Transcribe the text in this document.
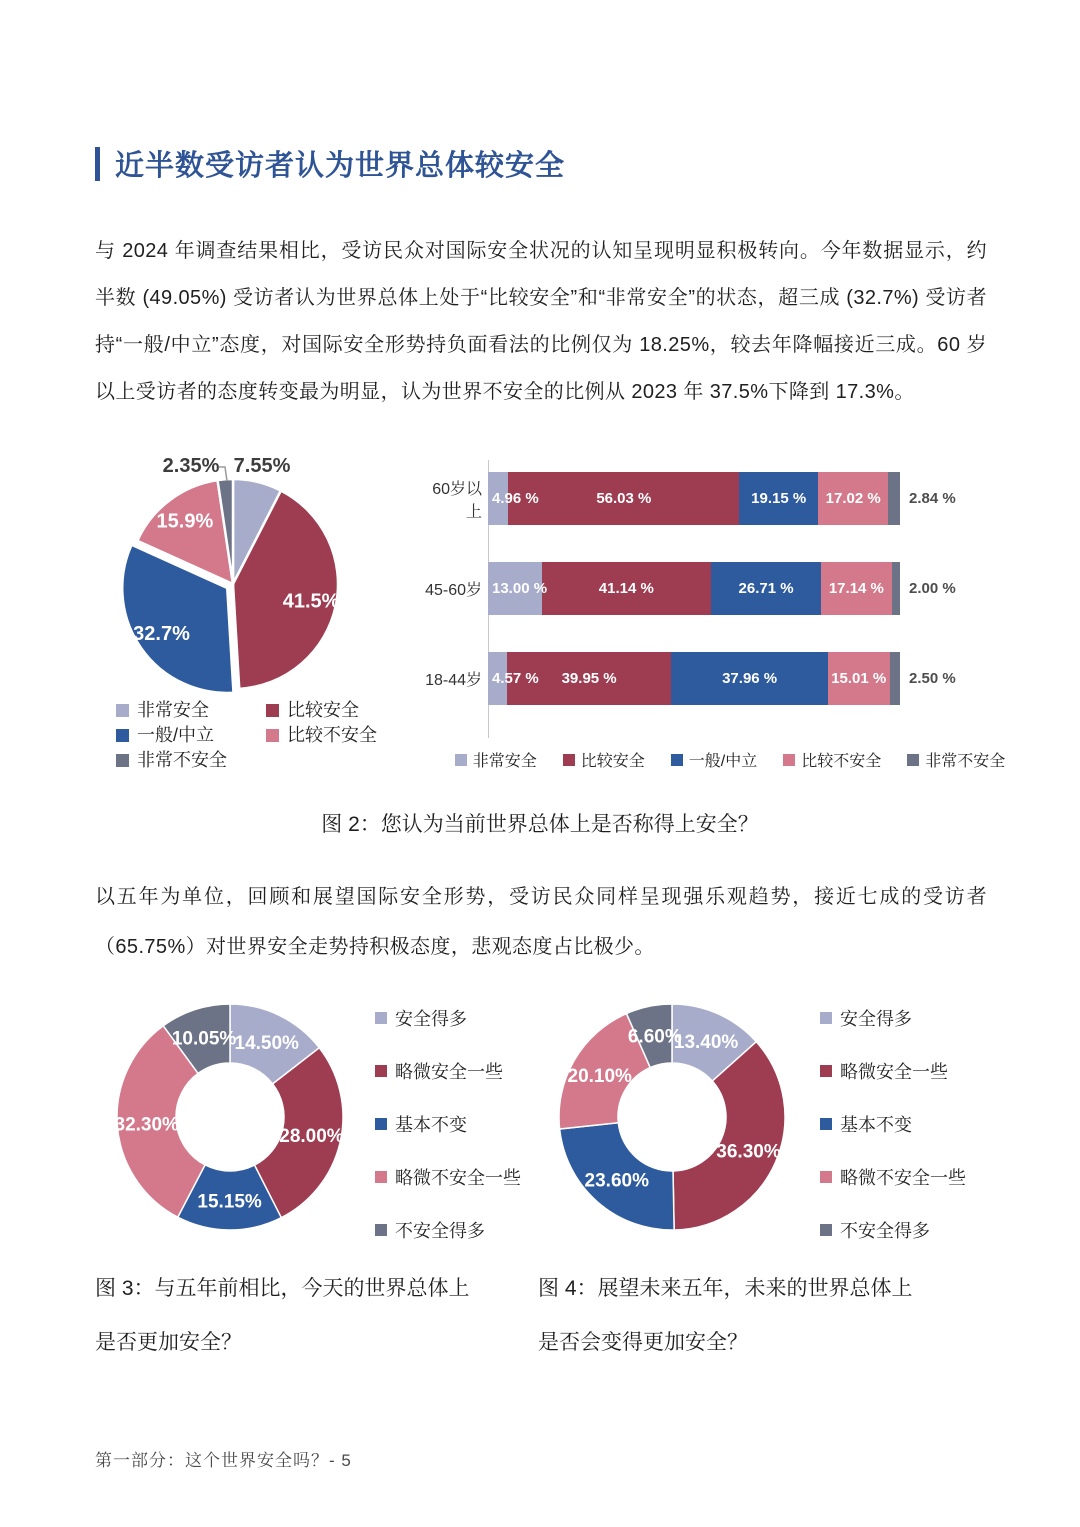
近半数受访者认为世界总体较安全

与 2024 年调查结果相比，受访民众对国际安全状况的认知呈现明显积极转向。今年数据显示，约半数 (49.05%) 受访者认为世界总体上处于“比较安全”和“非常安全”的状态，超三成 (32.7%) 受访者持“一般/中立”态度，对国际安全形势持负面看法的比例仅为 18.25%，较去年降幅接近三成。60 岁以上受访者的态度转变最为明显，认为世界不安全的比例从 2023 年 37.5%下降到 17.3%。

7.55%
41.5%
32.7%
15.9%
2.35%
非常安全	比较安全
一般/中立	比较不安全
非常不安全
60岁以上
4.96 %	56.03 %	19.15 % 17.02 % 2.84 %
45-60岁 13.00 %	41.14 %	26.71 % 17.14 % 2.00 %
18-44岁 4.57 % 39.95 %	37.96 %	15.01 % 2.50 %
非常安全	比较安全	一般/中立	比较不安全	非常不安全
图 2：您认为当前世界总体上是否称得上安全？

以五年为单位，回顾和展望国际安全形势，受访民众同样呈现强乐观趋势，接近七成的受访者（65.75%）对世界安全走势持积极态度，悲观态度占比极少。

14.50%
28.00%
15.15%
32.30%
10.05%
安全得多
略微安全一些
基本不变
略微不安全一些
不安全得多
13.40%
36.30%
23.60%
20.10%
6.60%
安全得多
略微安全一些
基本不变
略微不安全一些
不安全得多
图 3：与五年前相比，今天的世界总体上
是否更加安全？
图 4：展望未来五年，未来的世界总体上
是否会变得更加安全？
第一部分：这个世界安全吗？- 5
